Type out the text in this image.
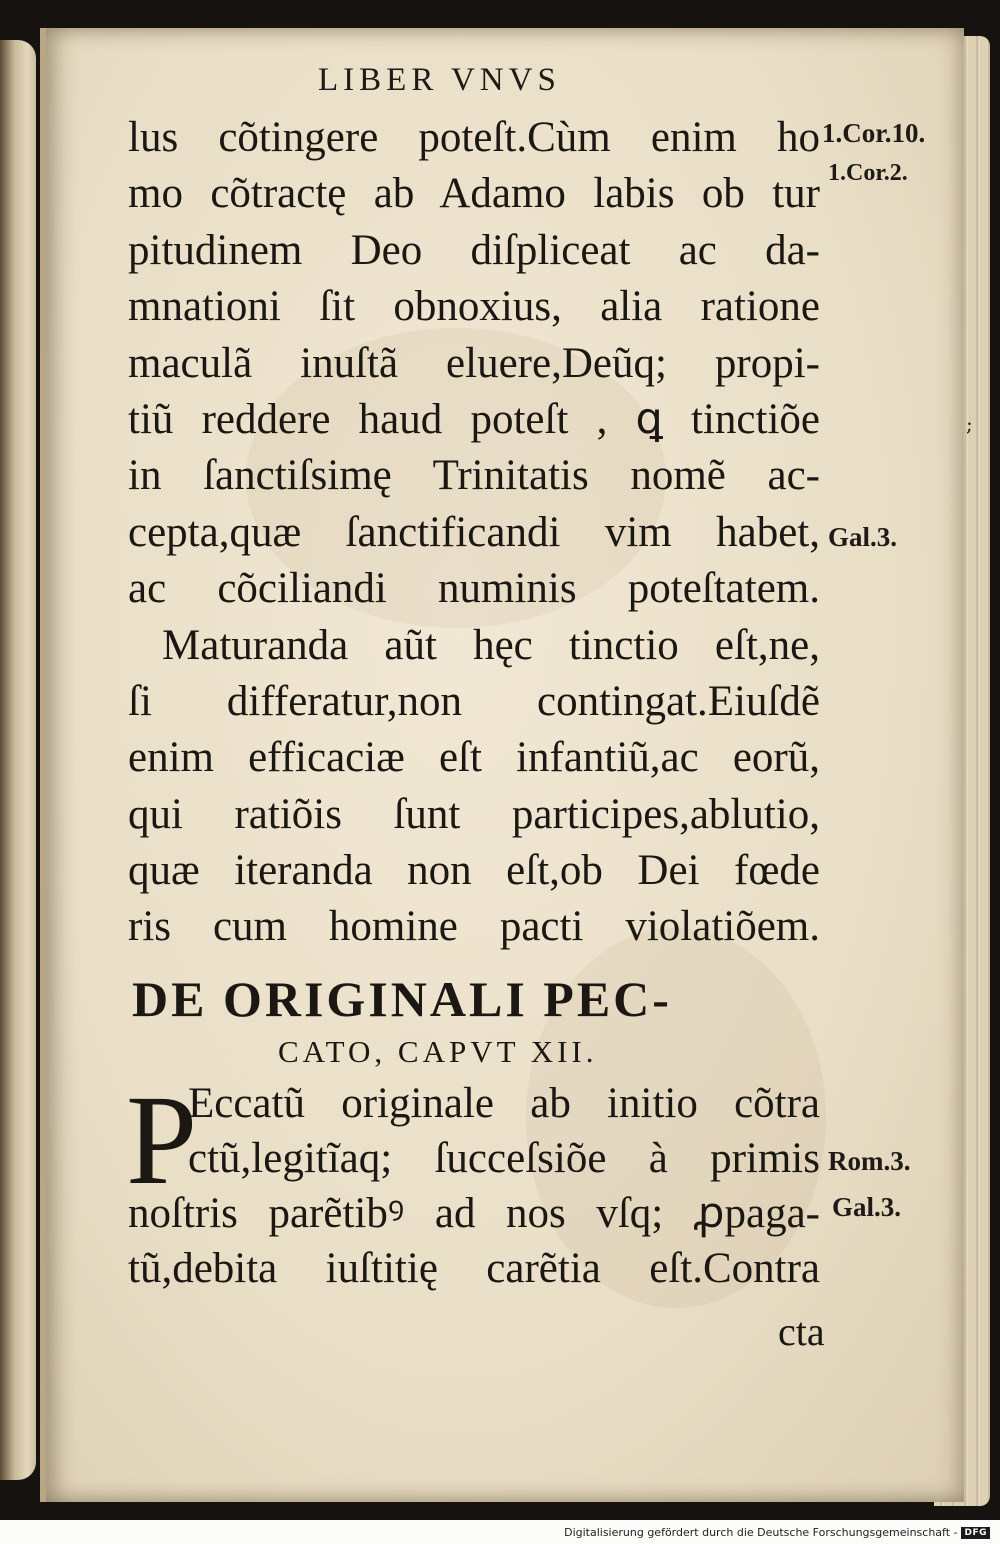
LIBER VNVS
lus cõtingere poteſt.Cùm enim ho
mo cõtractę ab Adamo labis ob tur
pitudinem Deo diſpliceat ac da-
mnationi ſit obnoxius, alia ratione
maculã inuſtã eluere,Deũq; propi-
tiũ reddere haud poteſt , ꝗ tinctiõe
in ſanctiſsimę Trinitatis nomẽ ac-
cepta,quæ ſanctificandi vim habet,
ac cõciliandi numinis poteſtatem.
Maturanda aũt hęc tinctio eſt,ne,
ſi differatur,non contingat.Eiuſdẽ
enim efficaciæ eſt infantiũ,ac eorũ,
qui ratiõis ſunt participes,ablutio,
quæ iteranda non eſt,ob Dei fœde
ris cum homine pacti violatiõem.
DE ORIGINALI PEC-
CATO, CAPVT XII.
P
Eccatũ originale ab initio cõtra
ctũ,legitĩaq; ſucceſsiõe à primis
noſtris parẽtibꝰ ad nos vſq; ꝓpaga-
tũ,debita iuſtitię carẽtia eſt.Contra
cta
1.Cor.10.
1.Cor.2.
Gal.3.
Rom.3.
Gal.3.
;
Digitalisierung gefördert durch die Deutsche Forschungsgemeinschaft - DFG
